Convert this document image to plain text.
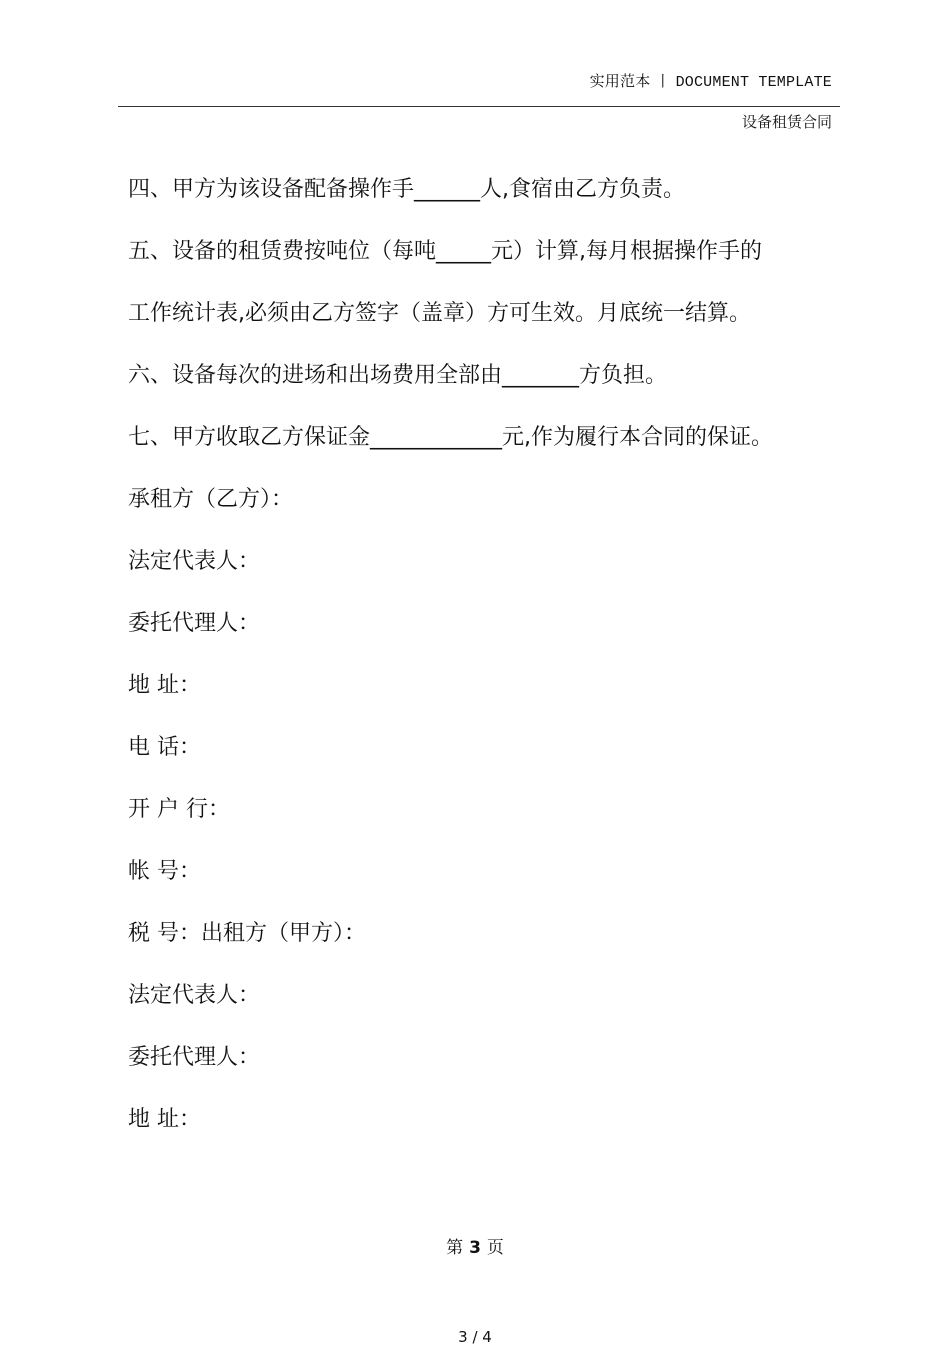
实用范本 丨 DOCUMENT TEMPLATE
设备租赁合同
四、甲方为该设备配备操作手______人,食宿由乙方负责。
五、设备的租赁费按吨位（每吨_____元）计算,每月根据操作手的
工作统计表,必须由乙方签字（盖章）方可生效。月底统一结算。
六、设备每次的进场和出场费用全部由_______方负担。
七、甲方收取乙方保证金____________元,作为履行本合同的保证。
承租方（乙方）：
法定代表人：
委托代理人：
地 址：
电 话：
开 户 行：
帐 号：
税 号：出租方（甲方）：
法定代表人：
委托代理人：
地 址：
第 3 页
3 / 4
